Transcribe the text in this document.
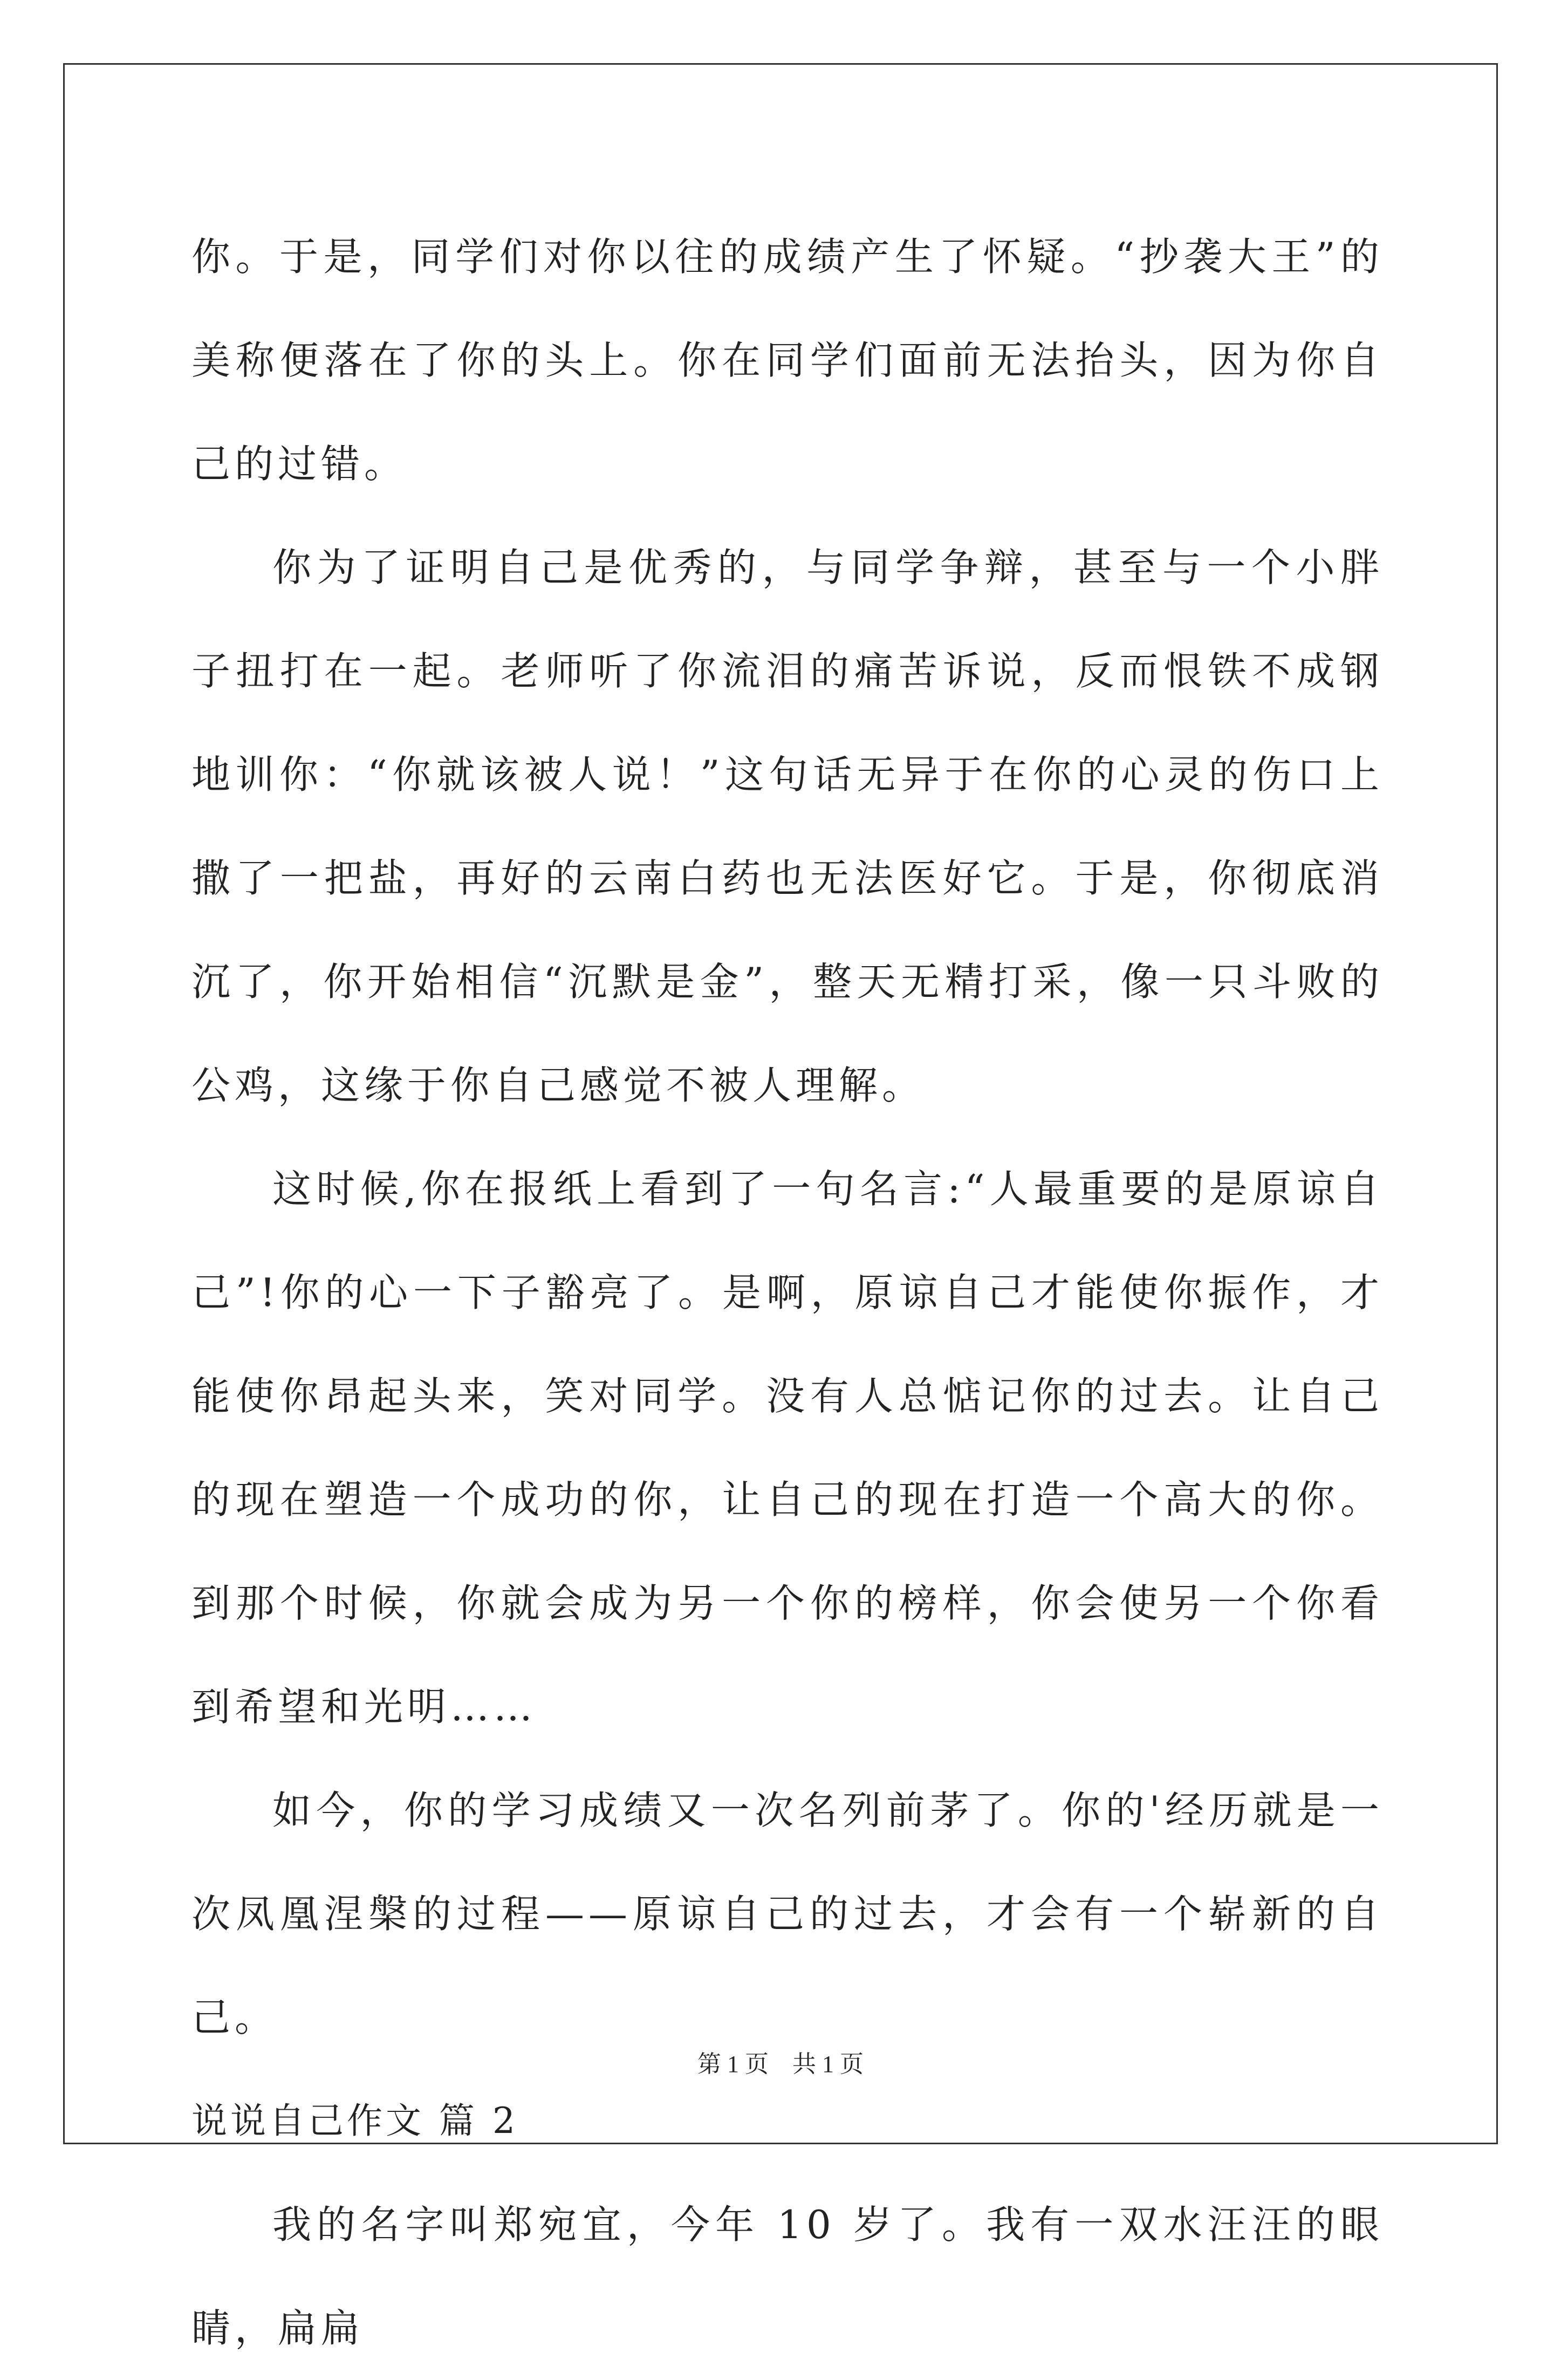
你。于是，同学们对你以往的成绩产生了怀疑。“抄袭大王”的美称便落在了你的头上。你在同学们面前无法抬头，因为你自己的过错。

你为了证明自己是优秀的，与同学争辩，甚至与一个小胖子扭打在一起。老师听了你流泪的痛苦诉说，反而恨铁不成钢地训你：“你就该被人说！”这句话无异于在你的心灵的伤口上撒了一把盐，再好的云南白药也无法医好它。于是，你彻底消沉了，你开始相信“沉默是金”，整天无精打采，像一只斗败的公鸡，这缘于你自己感觉不被人理解。

这时候,你在报纸上看到了一句名言:“人最重要的是原谅自己”!你的心一下子豁亮了。是啊，原谅自己才能使你振作，才能使你昂起头来，笑对同学。没有人总惦记你的过去。让自己的现在塑造一个成功的你，让自己的现在打造一个高大的你。到那个时候，你就会成为另一个你的榜样，你会使另一个你看到希望和光明……

如今，你的学习成绩又一次名列前茅了。你的'经历就是一次凤凰涅槃的过程——原谅自己的过去，才会有一个崭新的自己。

说说自己作文 篇 2

我的名字叫郑宛宜，今年 10 岁了。我有一双水汪汪的眼睛，扁扁

第 1 页　共 1 页
